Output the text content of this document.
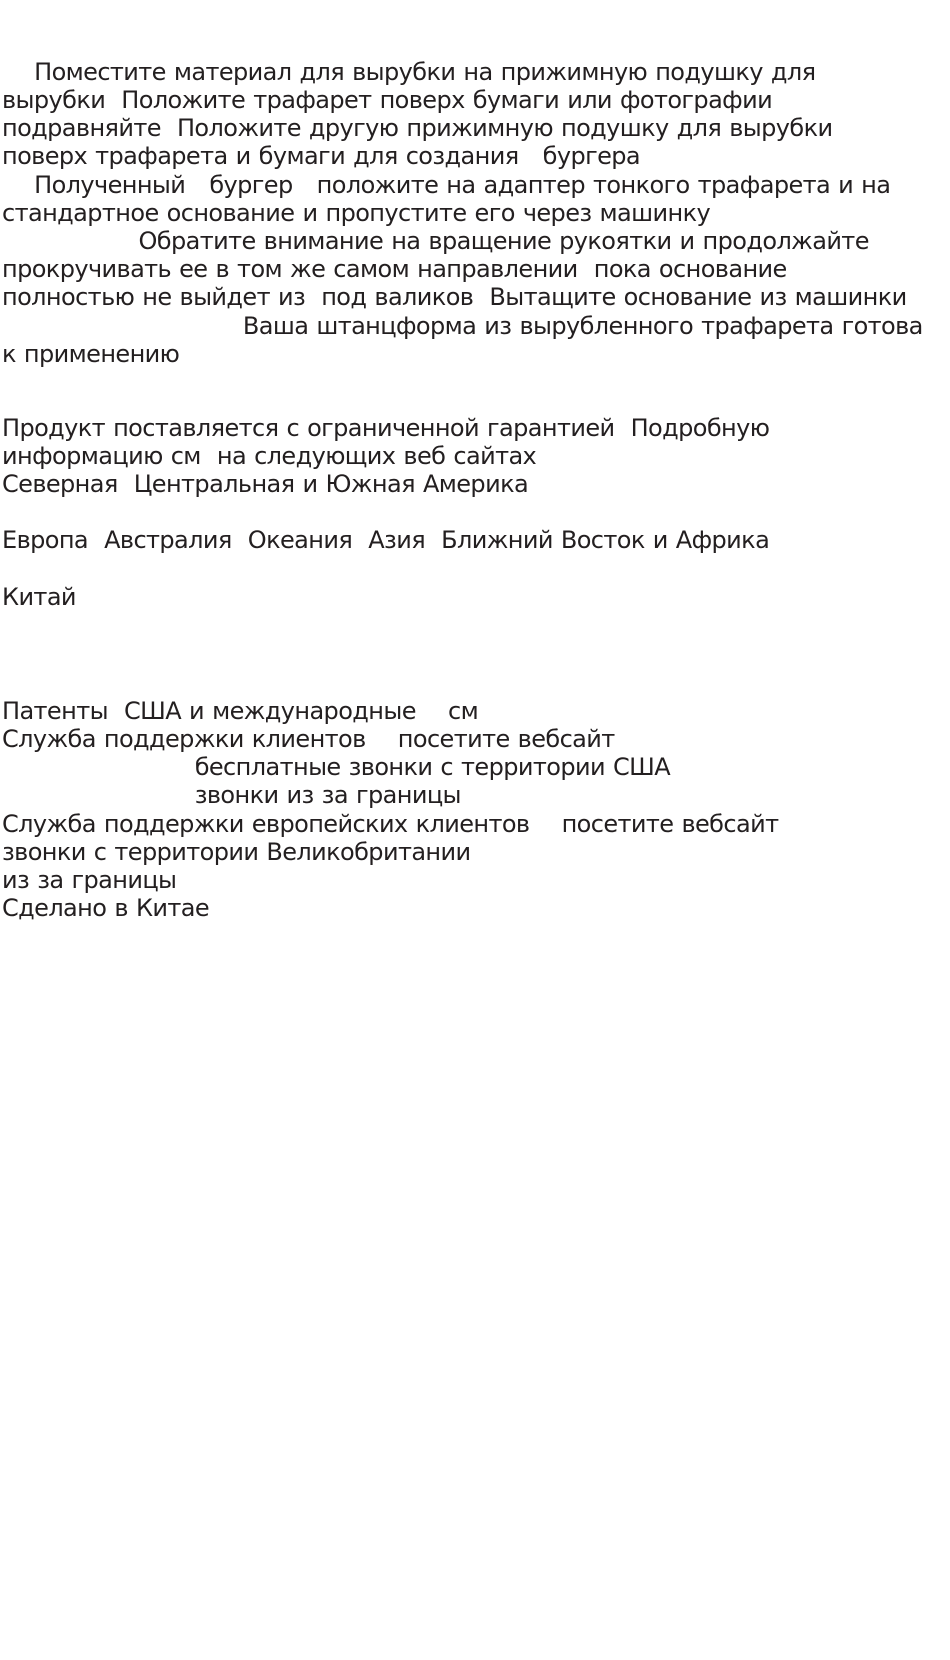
Поместите материал для вырубки на прижимную подушку для
вырубки  Положите трафарет поверх бумаги или фотографии
подравняйте  Положите другую прижимную подушку для вырубки
поверх трафарета и бумаги для создания   бургера
Полученный   бургер   положите на адаптер тонкого трафарета и на
стандартное основание и пропустите его через машинку
Обратите внимание на вращение рукоятки и продолжайте
прокручивать ее в том же самом направлении  пока основание
полностью не выйдет из  под валиков  Вытащите основание из машинки
Ваша штанцформа из вырубленного трафарета готова
к применению
Продукт поставляется с ограниченной гарантией  Подробную
информацию см  на следующих веб сайтах
Северная  Центральная и Южная Америка
Европа  Австралия  Океания  Азия  Ближний Восток и Африка
Китай
Патенты  США и международные    см
Служба поддержки клиентов    посетите вебсайт
бесплатные звонки с территории США
звонки из за границы
Служба поддержки европейских клиентов    посетите вебсайт
звонки с территории Великобритании
из за границы
Сделано в Китае
